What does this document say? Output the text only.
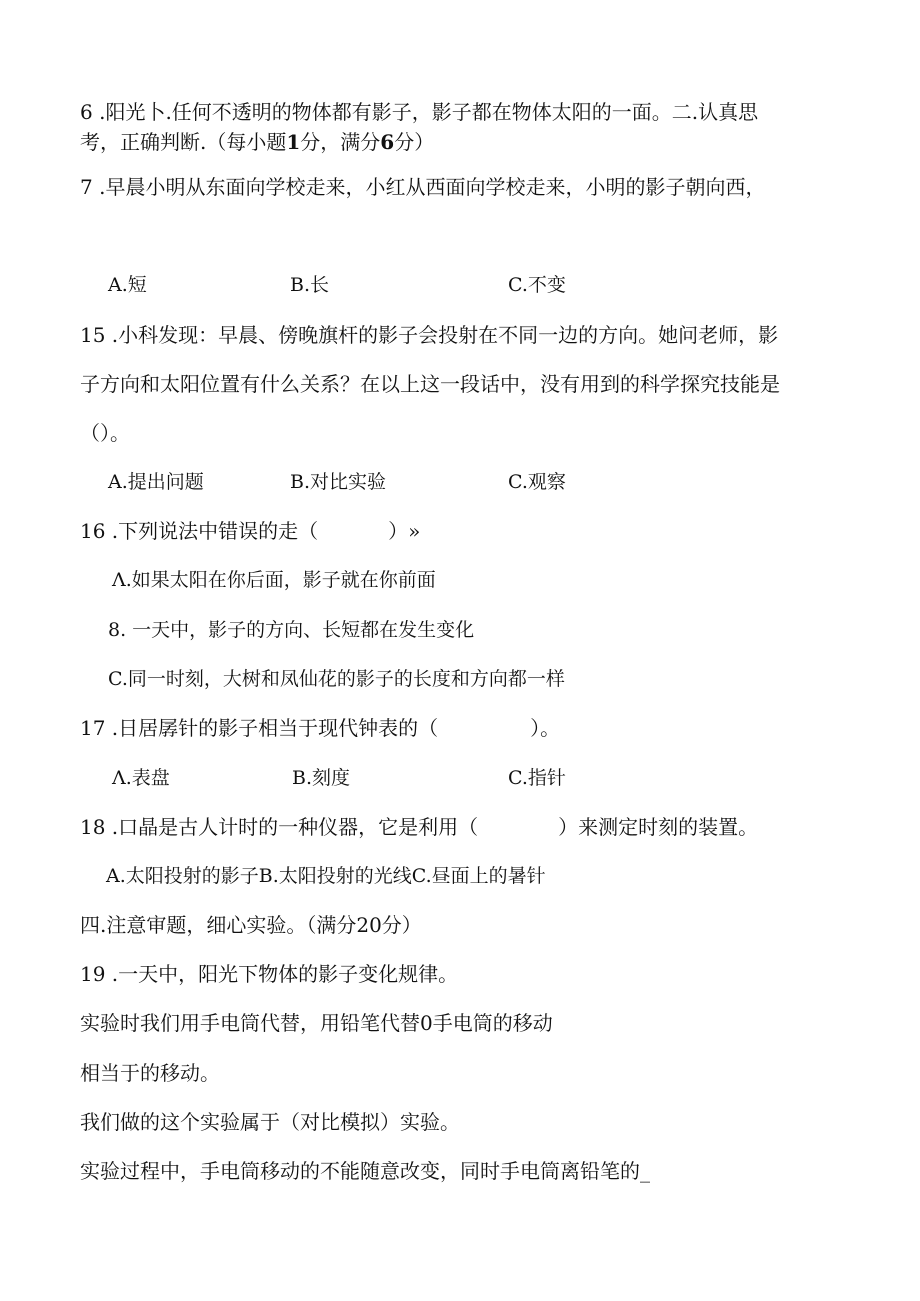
6 .阳光卜.任何不透明的物体都有影子，影子都在物体太阳的一面。二.认真思
考，正确判断.（每小题1分，满分6分）
7 .早晨小明从东面向学校走来，小红从西面向学校走来，小明的影子朝向西，
A.短	B.长	C.不变
15 .小科发现：早晨、傍晚旗杆的影子会投射在不同一边的方向。她问老师，影
子方向和太阳位置有什么关系？在以上这一段话中，没有用到的科学探究技能是
（）。
A.提出问题	B.对比实验	C.观察
16 .下列说法中错误的走（	）»
Λ.如果太阳在你后面，影子就在你前面
8. 一天中，影子的方向、长短都在发生变化
C.同一时刻，大树和凤仙花的影子的长度和方向都一样
17 .日居孱针的影子相当于现代钟表的（	）。
Λ.表盘	B.刻度	C.指针
18 .口晶是古人计时的一种仪器，它是利用（	）来测定时刻的装置。
A.太阳投射的影子B.太阳投射的光线C.昼面上的暑针
四.注意审题，细心实验。（满分20分）
19 .一天中，阳光下物体的影子变化规律。
实验时我们用手电筒代替，用铅笔代替0手电筒的移动
相当于的移动。
我们做的这个实验属于（对比模拟）实验。
实验过程中，手电筒移动的不能随意改变，同时手电筒离铅笔的_
